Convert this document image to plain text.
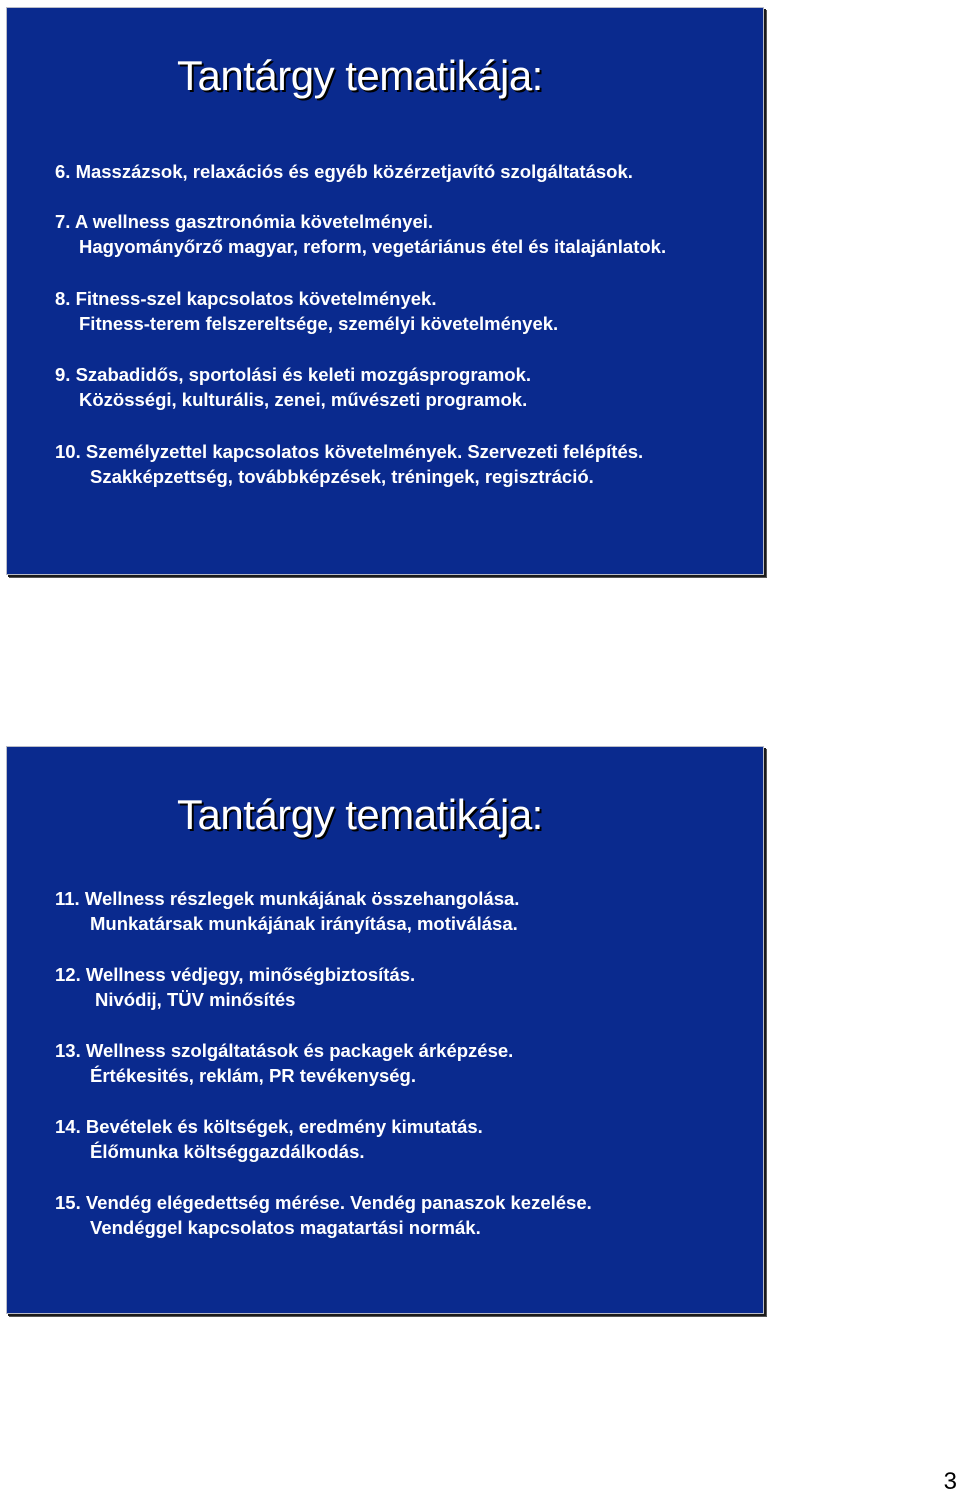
Tantárgy tematikája:
6. Masszázsok, relaxációs és egyéb közérzetjavító szolgáltatások.
7. A wellness gasztronómia követelményei.
Hagyományőrző magyar, reform, vegetáriánus étel és italajánlatok.
8. Fitness-szel kapcsolatos követelmények.
Fitness-terem felszereltsége, személyi követelmények.
9. Szabadidős, sportolási és keleti mozgásprogramok.
Közösségi, kulturális, zenei, művészeti programok.
10. Személyzettel kapcsolatos követelmények. Szervezeti felépítés.
Szakképzettség, továbbképzések, tréningek, regisztráció.
Tantárgy tematikája:
11. Wellness részlegek munkájának összehangolása.
Munkatársak munkájának irányítása, motiválása.
12. Wellness védjegy, minőségbiztosítás.
Nivódij, TÜV minősítés
13. Wellness szolgáltatások és packagek árképzése.
Értékesités, reklám, PR tevékenység.
14. Bevételek és költségek, eredmény kimutatás.
Élőmunka költséggazdálkodás.
15. Vendég elégedettség mérése. Vendég panaszok kezelése.
Vendéggel kapcsolatos magatartási normák.
3
